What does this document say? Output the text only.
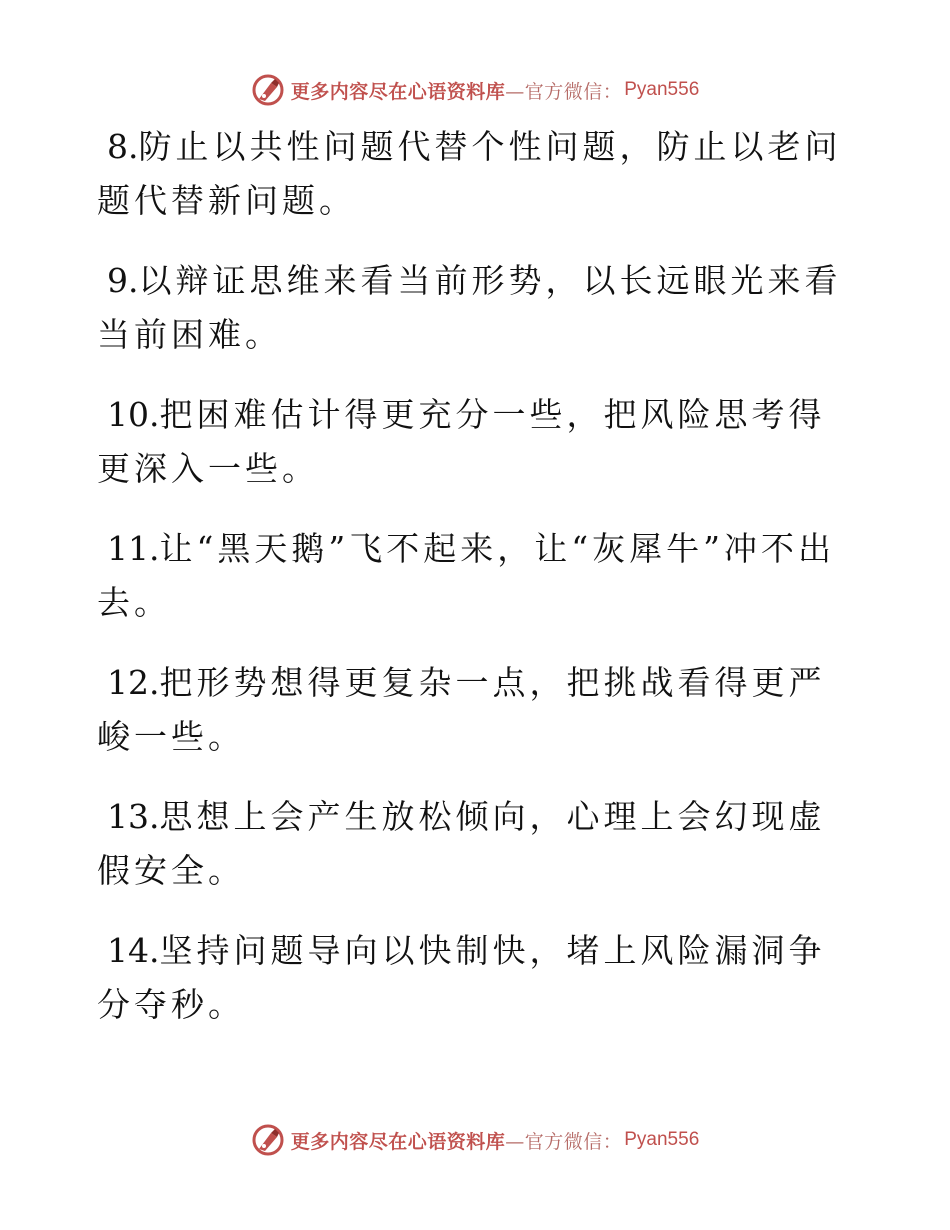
更多内容尽在心语资料库 —官方微信： Pyan556

8.防止以共性问题代替个性问题，防止以老问题代替新问题。

9.以辩证思维来看当前形势，以长远眼光来看当前困难。

10.把困难估计得更充分一些，把风险思考得更深入一些。

11.让“黑天鹅”飞不起来，让“灰犀牛”冲不出去。

12.把形势想得更复杂一点，把挑战看得更严峻一些。

13.思想上会产生放松倾向，心理上会幻现虚假安全。

14.坚持问题导向以快制快，堵上风险漏洞争分夺秒。

更多内容尽在心语资料库 —官方微信： Pyan556
